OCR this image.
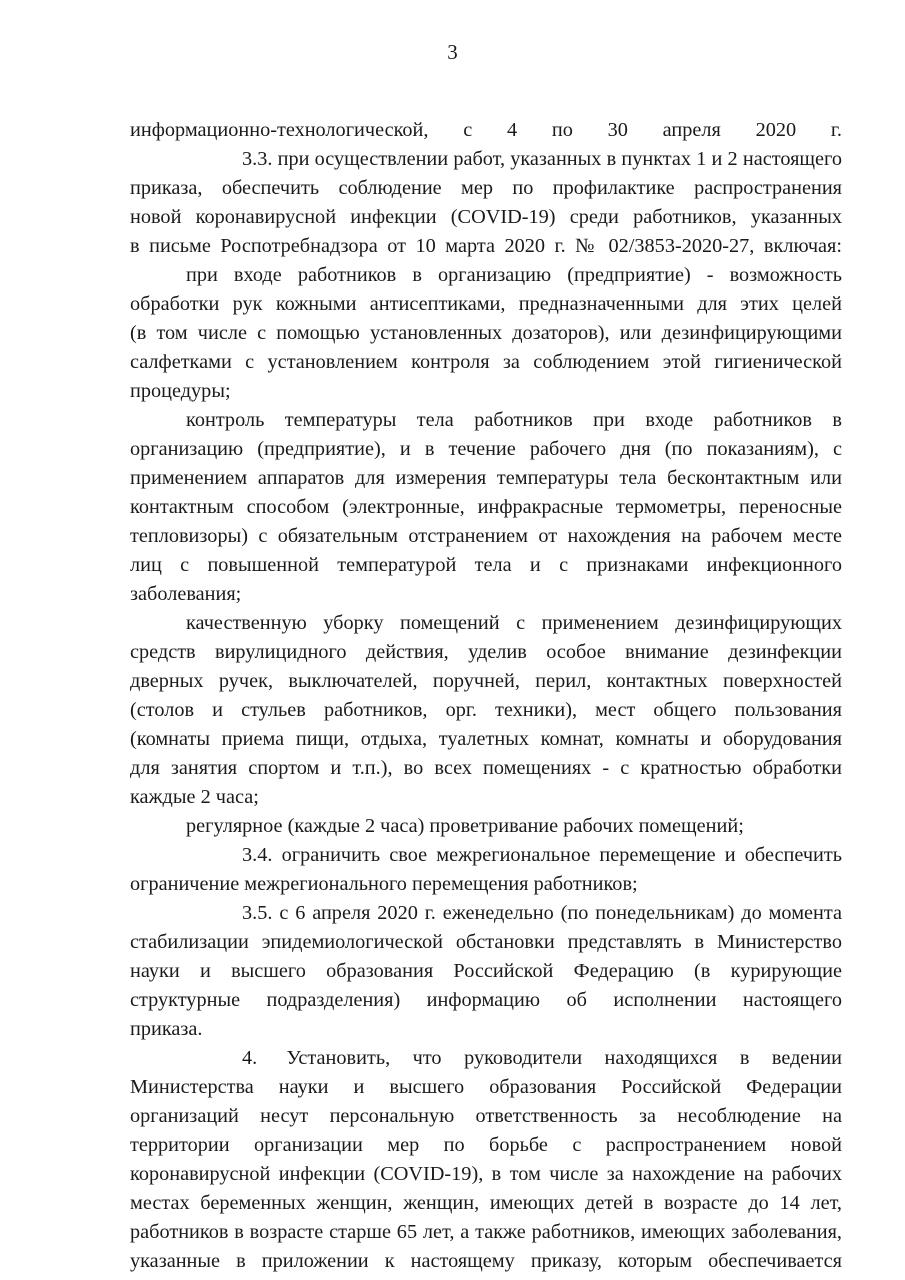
3

информационно-технологической, с 4 по 30 апреля 2020 г.

3.3. при осуществлении работ, указанных в пунктах 1 и 2 настоящего

приказа, обеспечить соблюдение мер по профилактике распространения

новой коронавирусной инфекции (COVID-19) среди работников, указанных

в письме Роспотребнадзора от 10 марта 2020 г. № 02/3853-2020-27, включая:

при входе работников в организацию (предприятие) - возможность

обработки рук кожными антисептиками, предназначенными для этих целей

(в том числе с помощью установленных дозаторов), или дезинфицирующими

салфетками с установлением контроля за соблюдением этой гигиенической

процедуры;

контроль температуры тела работников при входе работников в

организацию (предприятие), и в течение рабочего дня (по показаниям), с

применением аппаратов для измерения температуры тела бесконтактным или

контактным способом (электронные, инфракрасные термометры, переносные

тепловизоры) с обязательным отстранением от нахождения на рабочем месте

лиц с повышенной температурой тела и с признаками инфекционного

заболевания;

качественную уборку помещений с применением дезинфицирующих

средств вирулицидного действия, уделив особое внимание дезинфекции

дверных ручек, выключателей, поручней, перил, контактных поверхностей

(столов и стульев работников, орг. техники), мест общего пользования

(комнаты приема пищи, отдыха, туалетных комнат, комнаты и оборудования

для занятия спортом и т.п.), во всех помещениях - с кратностью обработки

каждые 2 часа;

регулярное (каждые 2 часа) проветривание рабочих помещений;

3.4. ограничить свое межрегиональное перемещение и обеспечить

ограничение межрегионального перемещения работников;

3.5. с 6 апреля 2020 г. еженедельно (по понедельникам) до момента

стабилизации эпидемиологической обстановки представлять в Министерство

науки и высшего образования Российской Федерацию (в курирующие

структурные подразделения) информацию об исполнении настоящего

приказа.

4. Установить, что руководители находящихся в ведении

Министерства науки и высшего образования Российской Федерации

организаций несут персональную ответственность за несоблюдение на

территории организации мер по борьбе с распространением новой

коронавирусной инфекции (COVID-19), в том числе за нахождение на рабочих

местах беременных женщин, женщин, имеющих детей в возрасте до 14 лет,

работников в возрасте старше 65 лет, а также работников, имеющих заболевания,

указанные в приложении к настоящему приказу, которым обеспечивается
